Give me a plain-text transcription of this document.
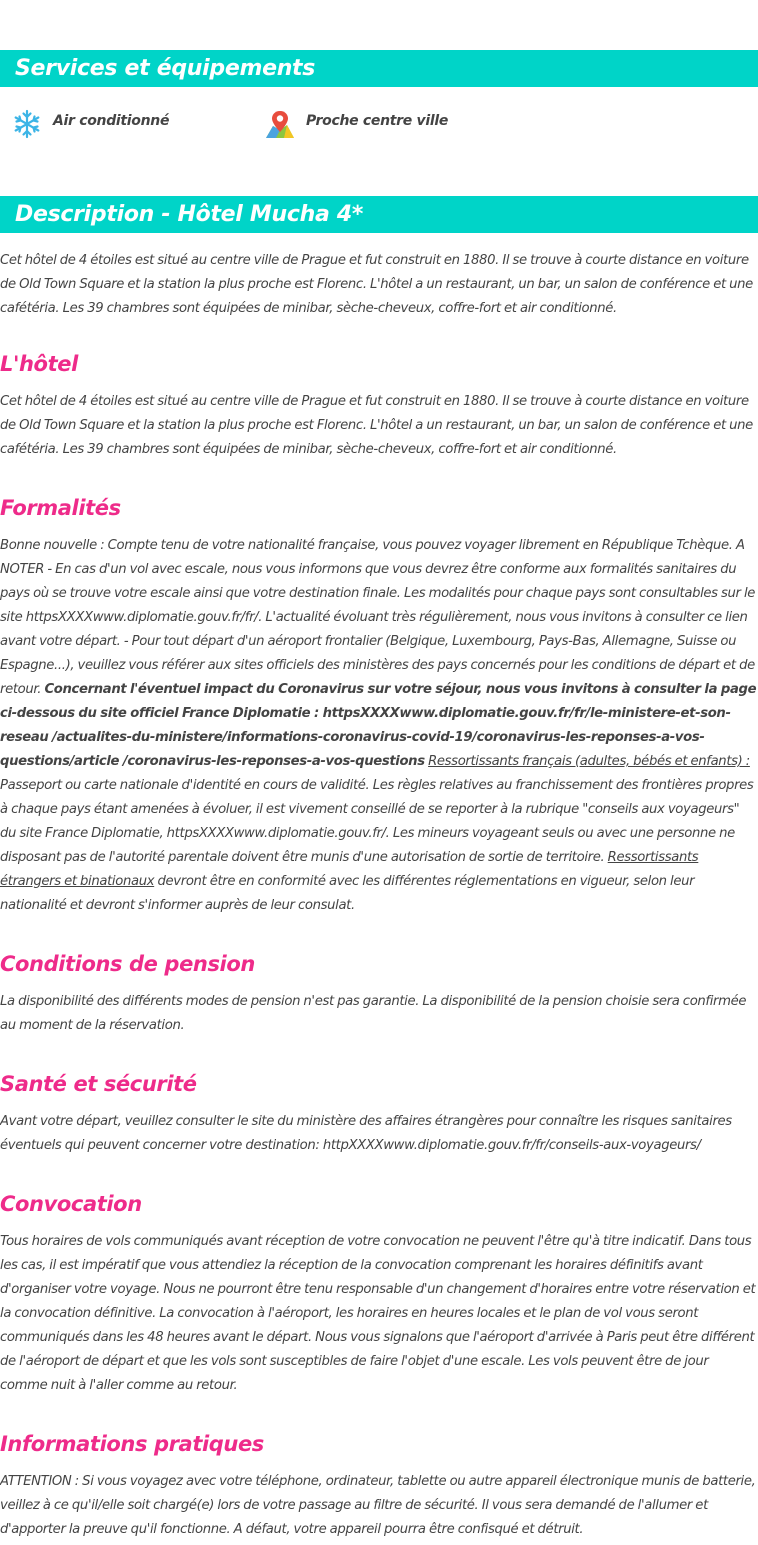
Services et équipements
Air conditionné	Proche centre ville
Description - Hôtel Mucha 4*

Cet hôtel de 4 étoiles est situé au centre ville de Prague et fut construit en 1880. Il se trouve à courte distance en voiture de Old Town Square et la station la plus proche est Florenc. L'hôtel a un restaurant, un bar, un salon de conférence et une cafétéria. Les 39 chambres sont équipées de minibar, sèche-cheveux, coffre-fort et air conditionné.

L'hôtel

Cet hôtel de 4 étoiles est situé au centre ville de Prague et fut construit en 1880. Il se trouve à courte distance en voiture de Old Town Square et la station la plus proche est Florenc. L'hôtel a un restaurant, un bar, un salon de conférence et une cafétéria. Les 39 chambres sont équipées de minibar, sèche-cheveux, coffre-fort et air conditionné.

Formalités

Bonne nouvelle : Compte tenu de votre nationalité française, vous pouvez voyager librement en République Tchèque. A NOTER - En cas d'un vol avec escale, nous vous informons que vous devrez être conforme aux formalités sanitaires du pays où se trouve votre escale ainsi que votre destination finale. Les modalités pour chaque pays sont consultables sur le site httpsXXXXwww.diplomatie.gouv.fr/fr/. L'actualité évoluant très régulièrement, nous vous invitons à consulter ce lien avant votre départ. - Pour tout départ d'un aéroport frontalier (Belgique, Luxembourg, Pays-Bas, Allemagne, Suisse ou Espagne...), veuillez vous référer aux sites officiels des ministères des pays concernés pour les conditions de départ et de retour. Concernant l'éventuel impact du Coronavirus sur votre séjour, nous vous invitons à consulter la page ci-dessous du site officiel France Diplomatie : httpsXXXXwww.diplomatie.gouv.fr/fr/le-ministere-et-son-reseau /actualites-du-ministere/informations-coronavirus-covid-19/coronavirus-les-reponses-a-vos-questions/article /coronavirus-les-reponses-a-vos-questions Ressortissants français (adultes, bébés et enfants) : Passeport ou carte nationale d'identité en cours de validité. Les règles relatives au franchissement des frontières propres à chaque pays étant amenées à évoluer, il est vivement conseillé de se reporter à la rubrique "conseils aux voyageurs" du site France Diplomatie, httpsXXXXwww.diplomatie.gouv.fr/. Les mineurs voyageant seuls ou avec une personne ne disposant pas de l'autorité parentale doivent être munis d'une autorisation de sortie de territoire. Ressortissants étrangers et binationaux devront être en conformité avec les différentes réglementations en vigueur, selon leur nationalité et devront s'informer auprès de leur consulat.

Conditions de pension

La disponibilité des différents modes de pension n'est pas garantie. La disponibilité de la pension choisie sera confirmée au moment de la réservation.

Santé et sécurité

Avant votre départ, veuillez consulter le site du ministère des affaires étrangères pour connaître les risques sanitaires éventuels qui peuvent concerner votre destination: httpXXXXwww.diplomatie.gouv.fr/fr/conseils-aux-voyageurs/

Convocation

Tous horaires de vols communiqués avant réception de votre convocation ne peuvent l'être qu'à titre indicatif. Dans tous les cas, il est impératif que vous attendiez la réception de la convocation comprenant les horaires définitifs avant d'organiser votre voyage. Nous ne pourront être tenu responsable d'un changement d'horaires entre votre réservation et la convocation définitive. La convocation à l'aéroport, les horaires en heures locales et le plan de vol vous seront communiqués dans les 48 heures avant le départ. Nous vous signalons que l'aéroport d'arrivée à Paris peut être différent de l'aéroport de départ et que les vols sont susceptibles de faire l'objet d'une escale. Les vols peuvent être de jour comme nuit à l'aller comme au retour.

Informations pratiques

ATTENTION : Si vous voyagez avec votre téléphone, ordinateur, tablette ou autre appareil électronique munis de batterie, veillez à ce qu'il/elle soit chargé(e) lors de votre passage au filtre de sécurité. Il vous sera demandé de l'allumer et d'apporter la preuve qu'il fonctionne. A défaut, votre appareil pourra être confisqué et détruit.
